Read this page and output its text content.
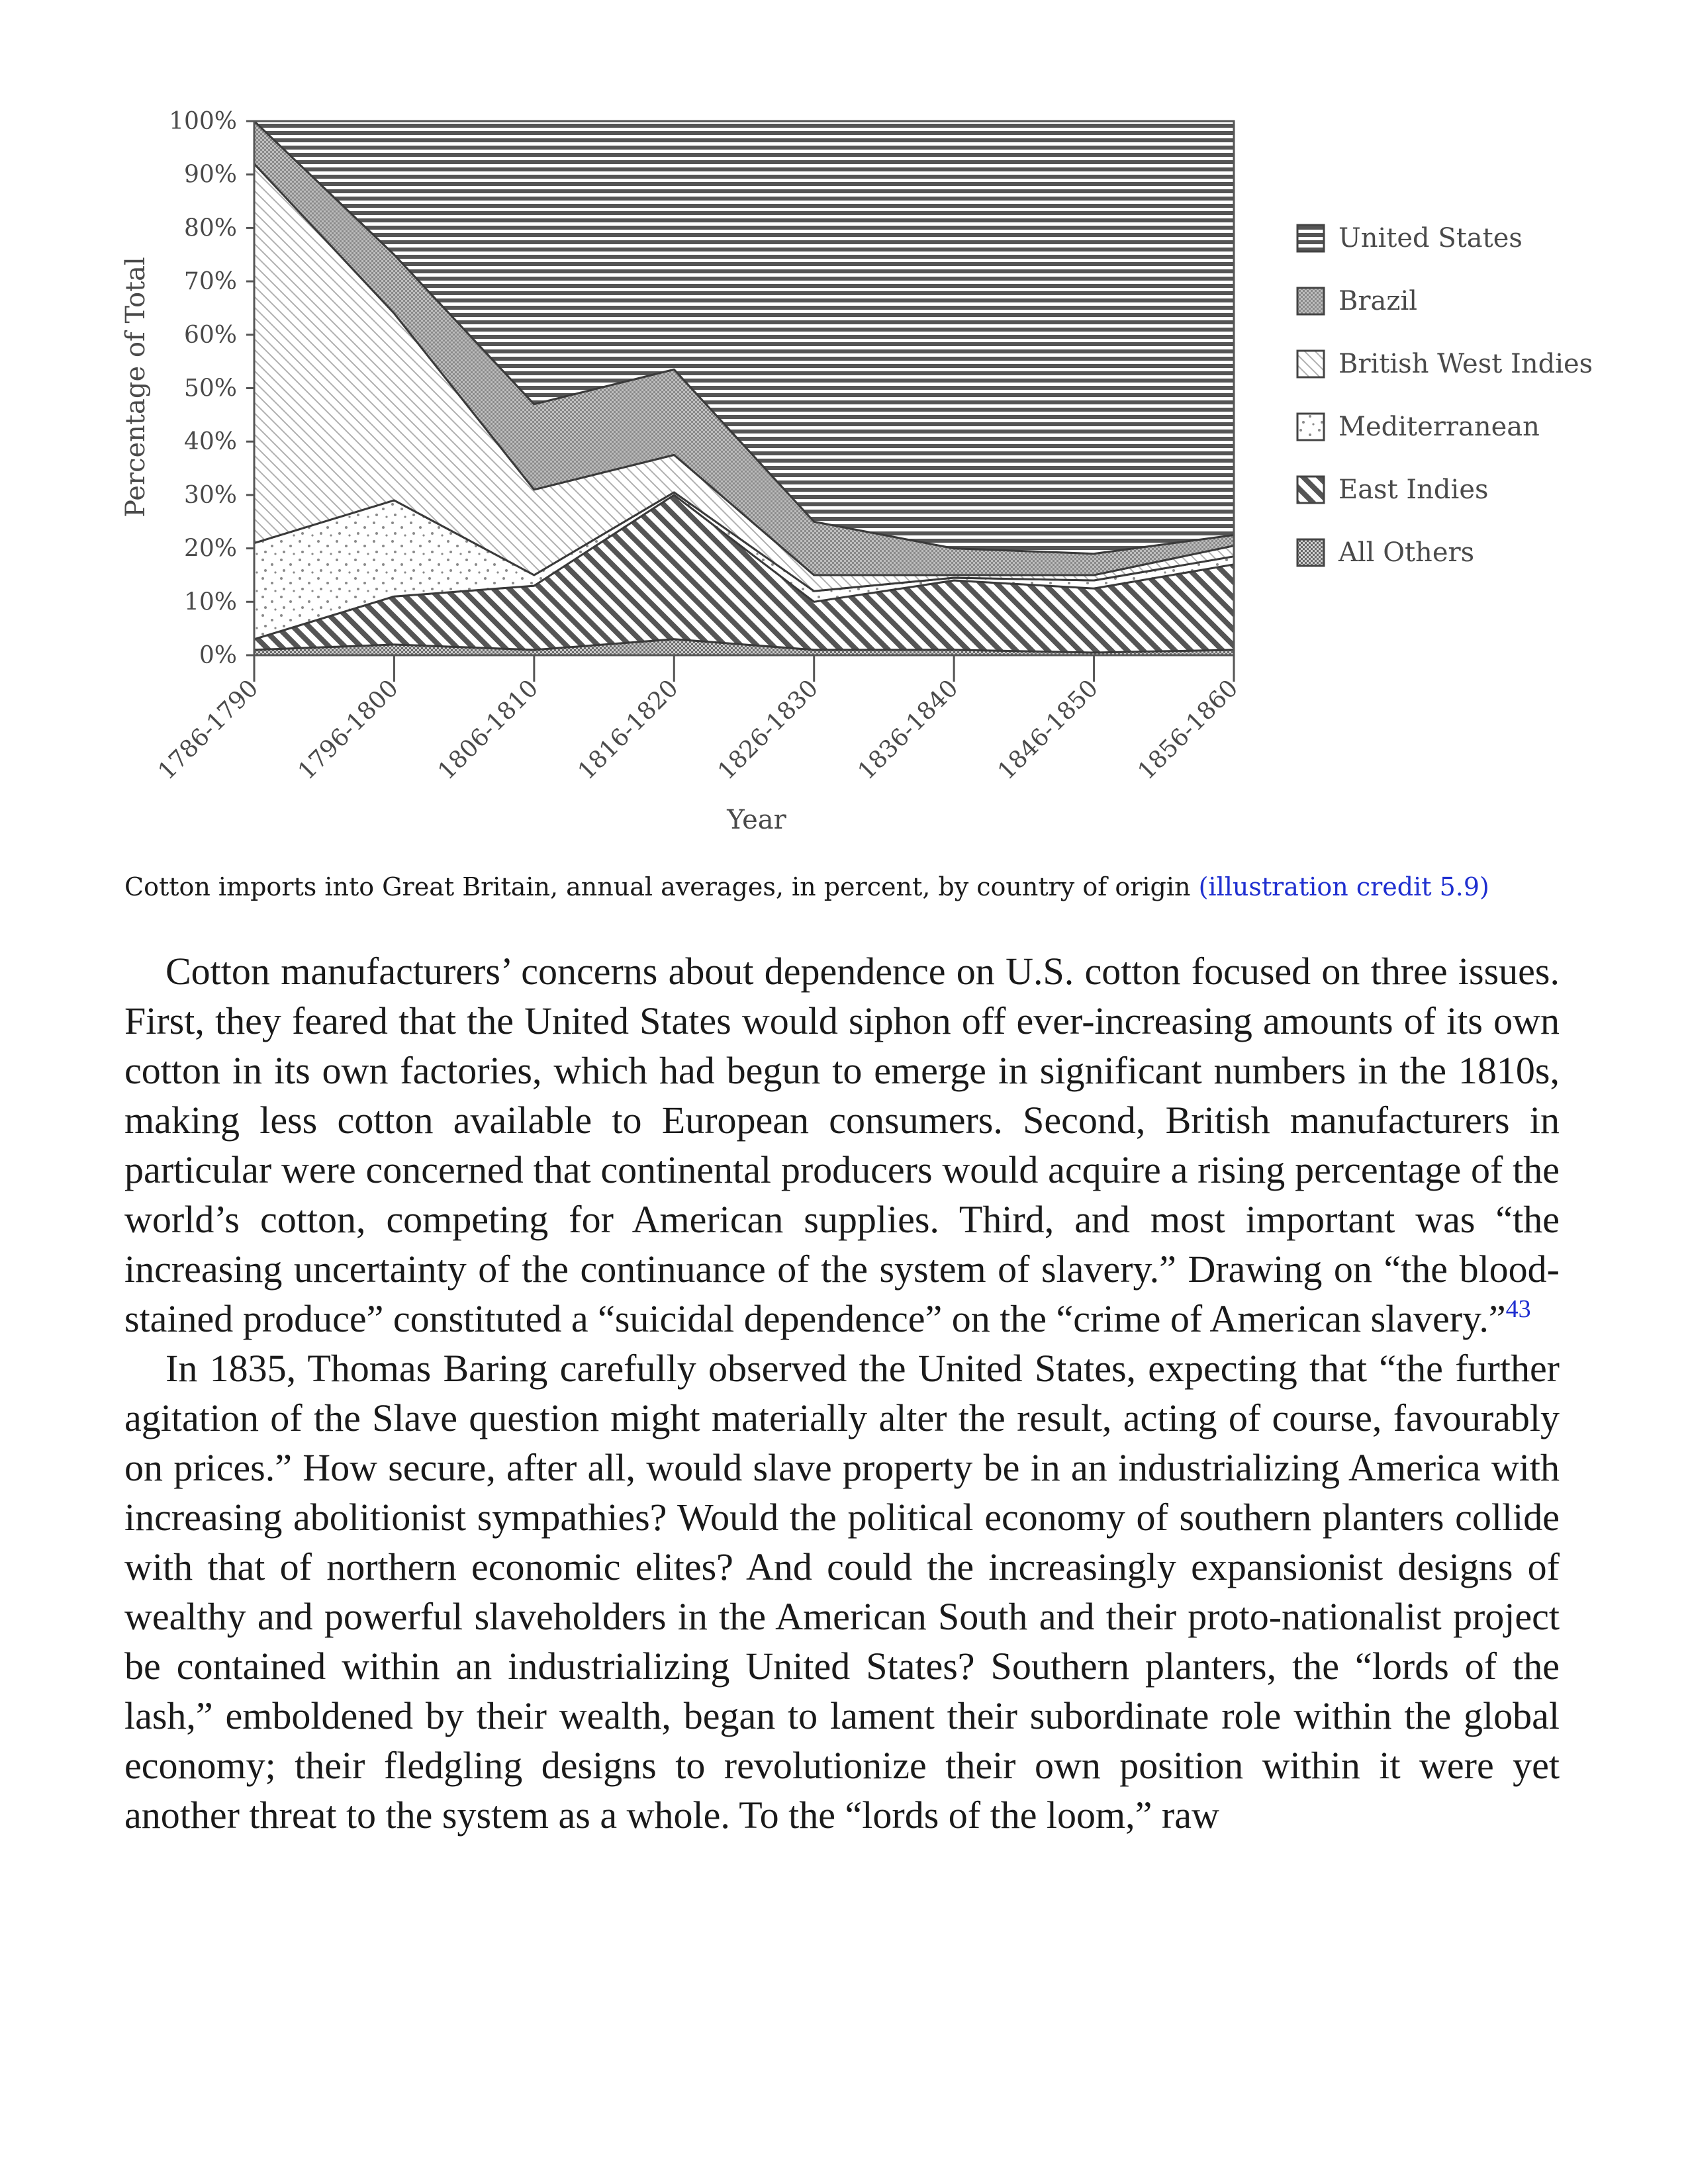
0%
10%
20%
30%
40%
50%
60%
70%
80%
90%
100%
1786-1790 1796-1800 1806-1810 1816-1820 1826-1830 1836-1840 1846-1850 1856-1860
Percentage of Total
Year
United States
Brazil
British West Indies
Mediterranean
East Indies
All Others

Cotton imports into Great Britain, annual averages, in percent, by country of origin (illustration credit 5.9)

Cotton manufacturers’ concerns about dependence on U.S. cotton focused on three issues. First, they feared that the United States would siphon off ever-increasing amounts of its own cotton in its own factories, which had begun to emerge in significant numbers in the 1810s, making less cotton available to European consumers. Second, British manufacturers in particular were concerned that continental producers would acquire a rising percentage of the world’s cotton, competing for American supplies. Third, and most important was “the increasing uncertainty of the continuance of the system of slavery.” Drawing on “the blood-stained produce” constituted a “suicidal dependence” on the “crime of American slavery.”$^{43}$

In 1835, Thomas Baring carefully observed the United States, expecting that “the further agitation of the Slave question might materially alter the result, acting of course, favourably on prices.” How secure, after all, would slave property be in an industrializing America with increasing abolitionist sympathies? Would the political economy of southern planters collide with that of northern economic elites? And could the increasingly expansionist designs of wealthy and powerful slaveholders in the American South and their proto-nationalist project be contained within an industrializing United States? Southern planters, the “lords of the lash,” emboldened by their wealth, began to lament their subordinate role within the global economy; their fledgling designs to revolutionize their own position within it were yet another threat to the system as a whole. To the “lords of the loom,” raw
